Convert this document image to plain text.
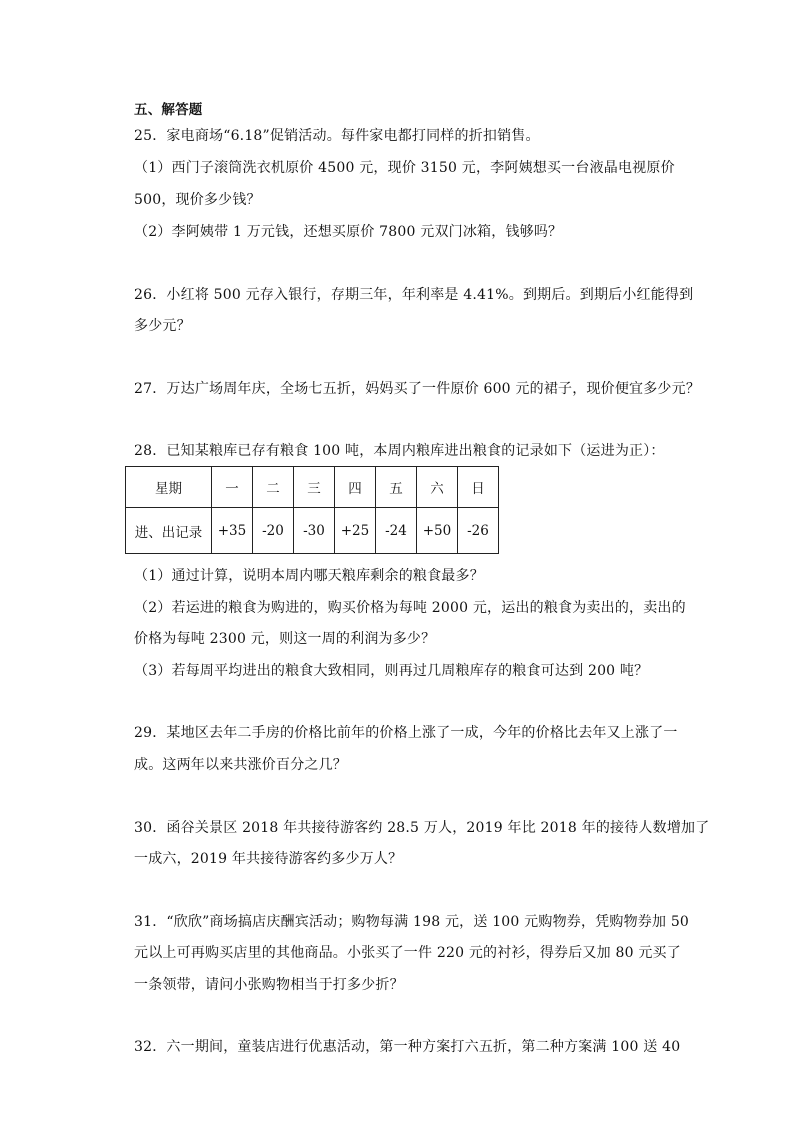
五、解答题
25．家电商场“6.18”促销活动。每件家电都打同样的折扣销售。
（1）西门子滚筒洗衣机原价 4500 元，现价 3150 元，李阿姨想买一台液晶电视原价
500，现价多少钱？
（2）李阿姨带 1 万元钱，还想买原价 7800 元双门冰箱，钱够吗？
26．小红将 500 元存入银行，存期三年，年利率是 4.41%。到期后。到期后小红能得到
多少元？
27．万达广场周年庆，全场七五折，妈妈买了一件原价 600 元的裙子，现价便宜多少元？
28．已知某粮库已存有粮食 100 吨，本周内粮库进出粮食的记录如下（运进为正）：
星期	一	二	三	四	五	六	日
进、出记录	+35	-20	-30	+25	-24	+50	-26
（1）通过计算，说明本周内哪天粮库剩余的粮食最多？
（2）若运进的粮食为购进的，购买价格为每吨 2000 元，运出的粮食为卖出的，卖出的
价格为每吨 2300 元，则这一周的利润为多少？
（3）若每周平均进出的粮食大致相同，则再过几周粮库存的粮食可达到 200 吨？
29．某地区去年二手房的价格比前年的价格上涨了一成，今年的价格比去年又上涨了一
成。这两年以来共涨价百分之几？
30．函谷关景区 2018 年共接待游客约 28.5 万人，2019 年比 2018 年的接待人数增加了
一成六，2019 年共接待游客约多少万人？
31．“欣欣”商场搞店庆酬宾活动；购物每满 198 元，送 100 元购物券，凭购物券加 50
元以上可再购买店里的其他商品。小张买了一件 220 元的衬衫，得券后又加 80 元买了
一条领带，请问小张购物相当于打多少折？
32．六一期间，童装店进行优惠活动，第一种方案打六五折，第二种方案满 100 送 40
